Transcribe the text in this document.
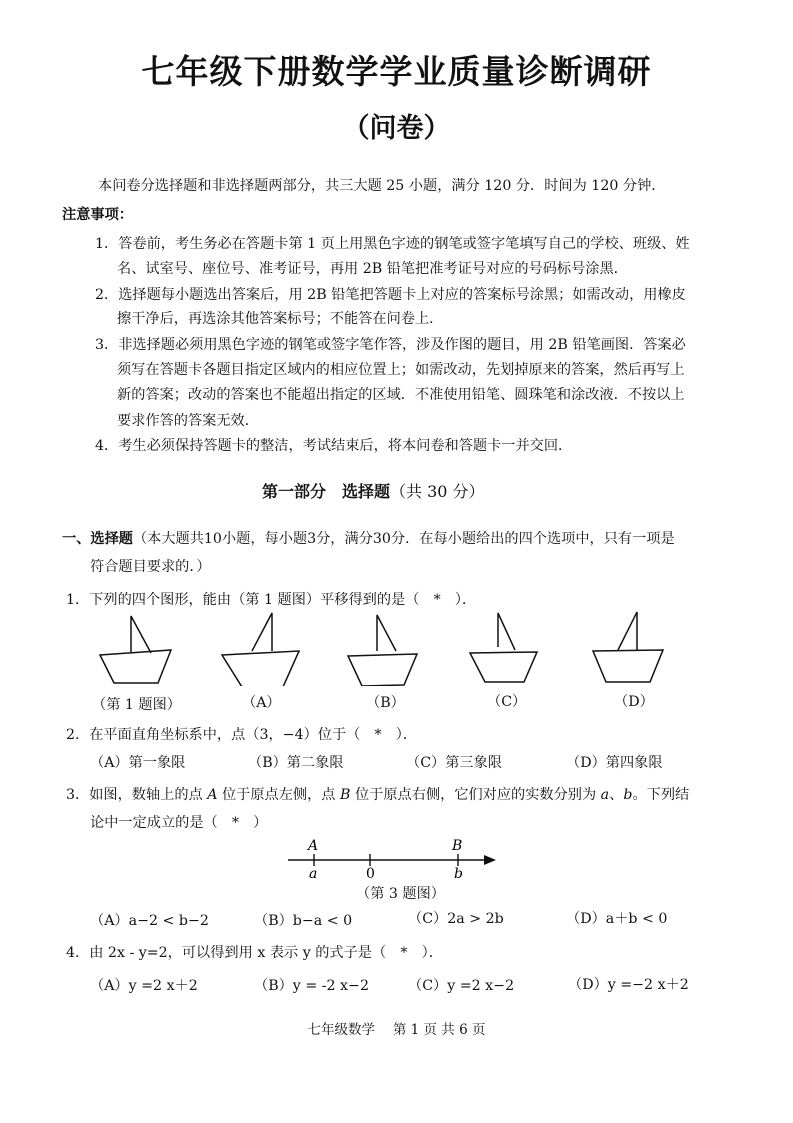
七年级下册数学学业质量诊断调研
（问卷）
本问卷分选择题和非选择题两部分，共三大题 25 小题，满分 120 分．时间为 120 分钟．
注意事项：
1．答卷前，考生务必在答题卡第 1 页上用黑色字迹的钢笔或签字笔填写自己的学校、班级、姓
名、试室号、座位号、准考证号，再用 2B 铅笔把准考证号对应的号码标号涂黑．
2．选择题每小题选出答案后，用 2B 铅笔把答题卡上对应的答案标号涂黑；如需改动，用橡皮
擦干净后，再选涂其他答案标号；不能答在问卷上．
3．非选择题必须用黑色字迹的钢笔或签字笔作答，涉及作图的题目，用 2B 铅笔画图．答案必
须写在答题卡各题目指定区域内的相应位置上；如需改动，先划掉原来的答案，然后再写上
新的答案；改动的答案也不能超出指定的区域．不准使用铅笔、圆珠笔和涂改液．不按以上
要求作答的答案无效．
4．考生必须保持答题卡的整洁，考试结束后，将本问卷和答题卡一并交回．
第一部分　选择题（共 30 分）
一、选择题（本大题共10小题，每小题3分，满分30分．在每小题给出的四个选项中，只有一项是
符合题目要求的．）
1．下列的四个图形，能由（第 1 题图）平移得到的是（　*　）．
（第 1 题图）	（A）	（B）	（C）	（D）
2．在平面直角坐标系中，点（3，−4）位于（　*　）．
（A）第一象限	（B）第二象限	（C）第三象限	（D）第四象限
3．如图，数轴上的点 A 位于原点左侧，点 B 位于原点右侧，它们对应的实数分别为 a、b。下列结
论中一定成立的是（　*　）
A	B
a	0	b
（第 3 题图）
（A）a−2 < b−2	（B）b−a < 0	（C）2a > 2b	（D）a＋b < 0
4．由 2x - y=2，可以得到用 x 表示 y 的式子是（　*　）．
（A）y =2 x＋2	（B）y = -2 x−2	（C）y =2 x−2	（D）y =−2 x＋2
七年级数学　 第 1 页 共 6 页
